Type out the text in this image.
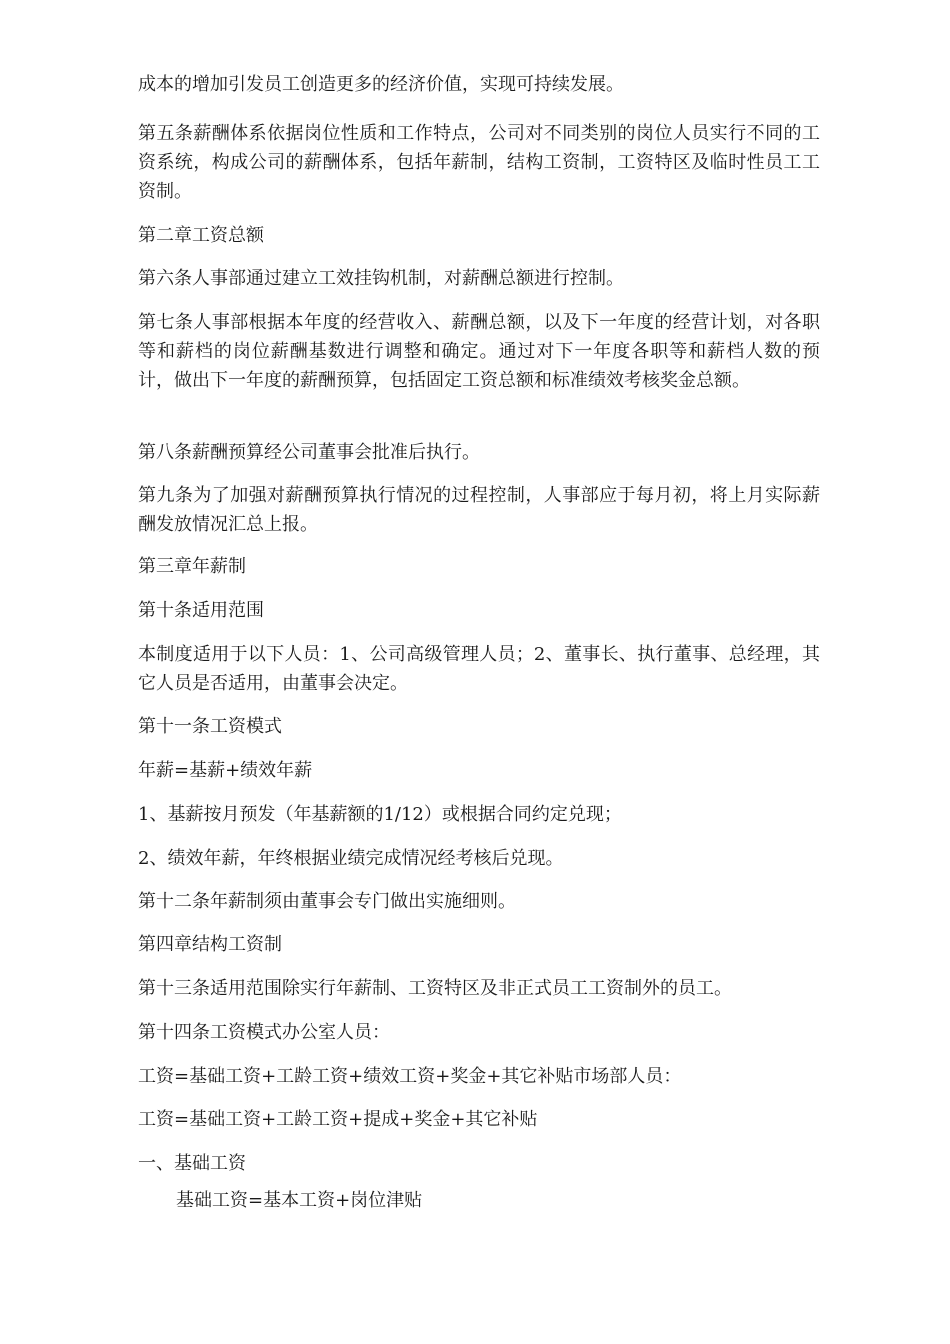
成本的增加引发员工创造更多的经济价值，实现可持续发展。

第五条薪酬体系依据岗位性质和工作特点，公司对不同类别的岗位人员实行不同的工资系统，构成公司的薪酬体系，包括年薪制，结构工资制，工资特区及临时性员工工资制。

第二章工资总额

第六条人事部通过建立工效挂钩机制，对薪酬总额进行控制。

第七条人事部根据本年度的经营收入、薪酬总额，以及下一年度的经营计划，对各职等和薪档的岗位薪酬基数进行调整和确定。通过对下一年度各职等和薪档人数的预计，做出下一年度的薪酬预算，包括固定工资总额和标准绩效考核奖金总额。

第八条薪酬预算经公司董事会批准后执行。

第九条为了加强对薪酬预算执行情况的过程控制，人事部应于每月初，将上月实际薪酬发放情况汇总上报。

第三章年薪制

第十条适用范围

本制度适用于以下人员：1、公司高级管理人员；2、董事长、执行董事、总经理，其它人员是否适用，由董事会决定。

第十一条工资模式

年薪=基薪+绩效年薪

1、基薪按月预发（年基薪额的1/12）或根据合同约定兑现；

2、绩效年薪，年终根据业绩完成情况经考核后兑现。

第十二条年薪制须由董事会专门做出实施细则。

第四章结构工资制

第十三条适用范围除实行年薪制、工资特区及非正式员工工资制外的员工。

第十四条工资模式办公室人员：

工资=基础工资+工龄工资+绩效工资+奖金+其它补贴市场部人员：

工资=基础工资+工龄工资+提成+奖金+其它补贴

一、基础工资

基础工资=基本工资+岗位津贴
